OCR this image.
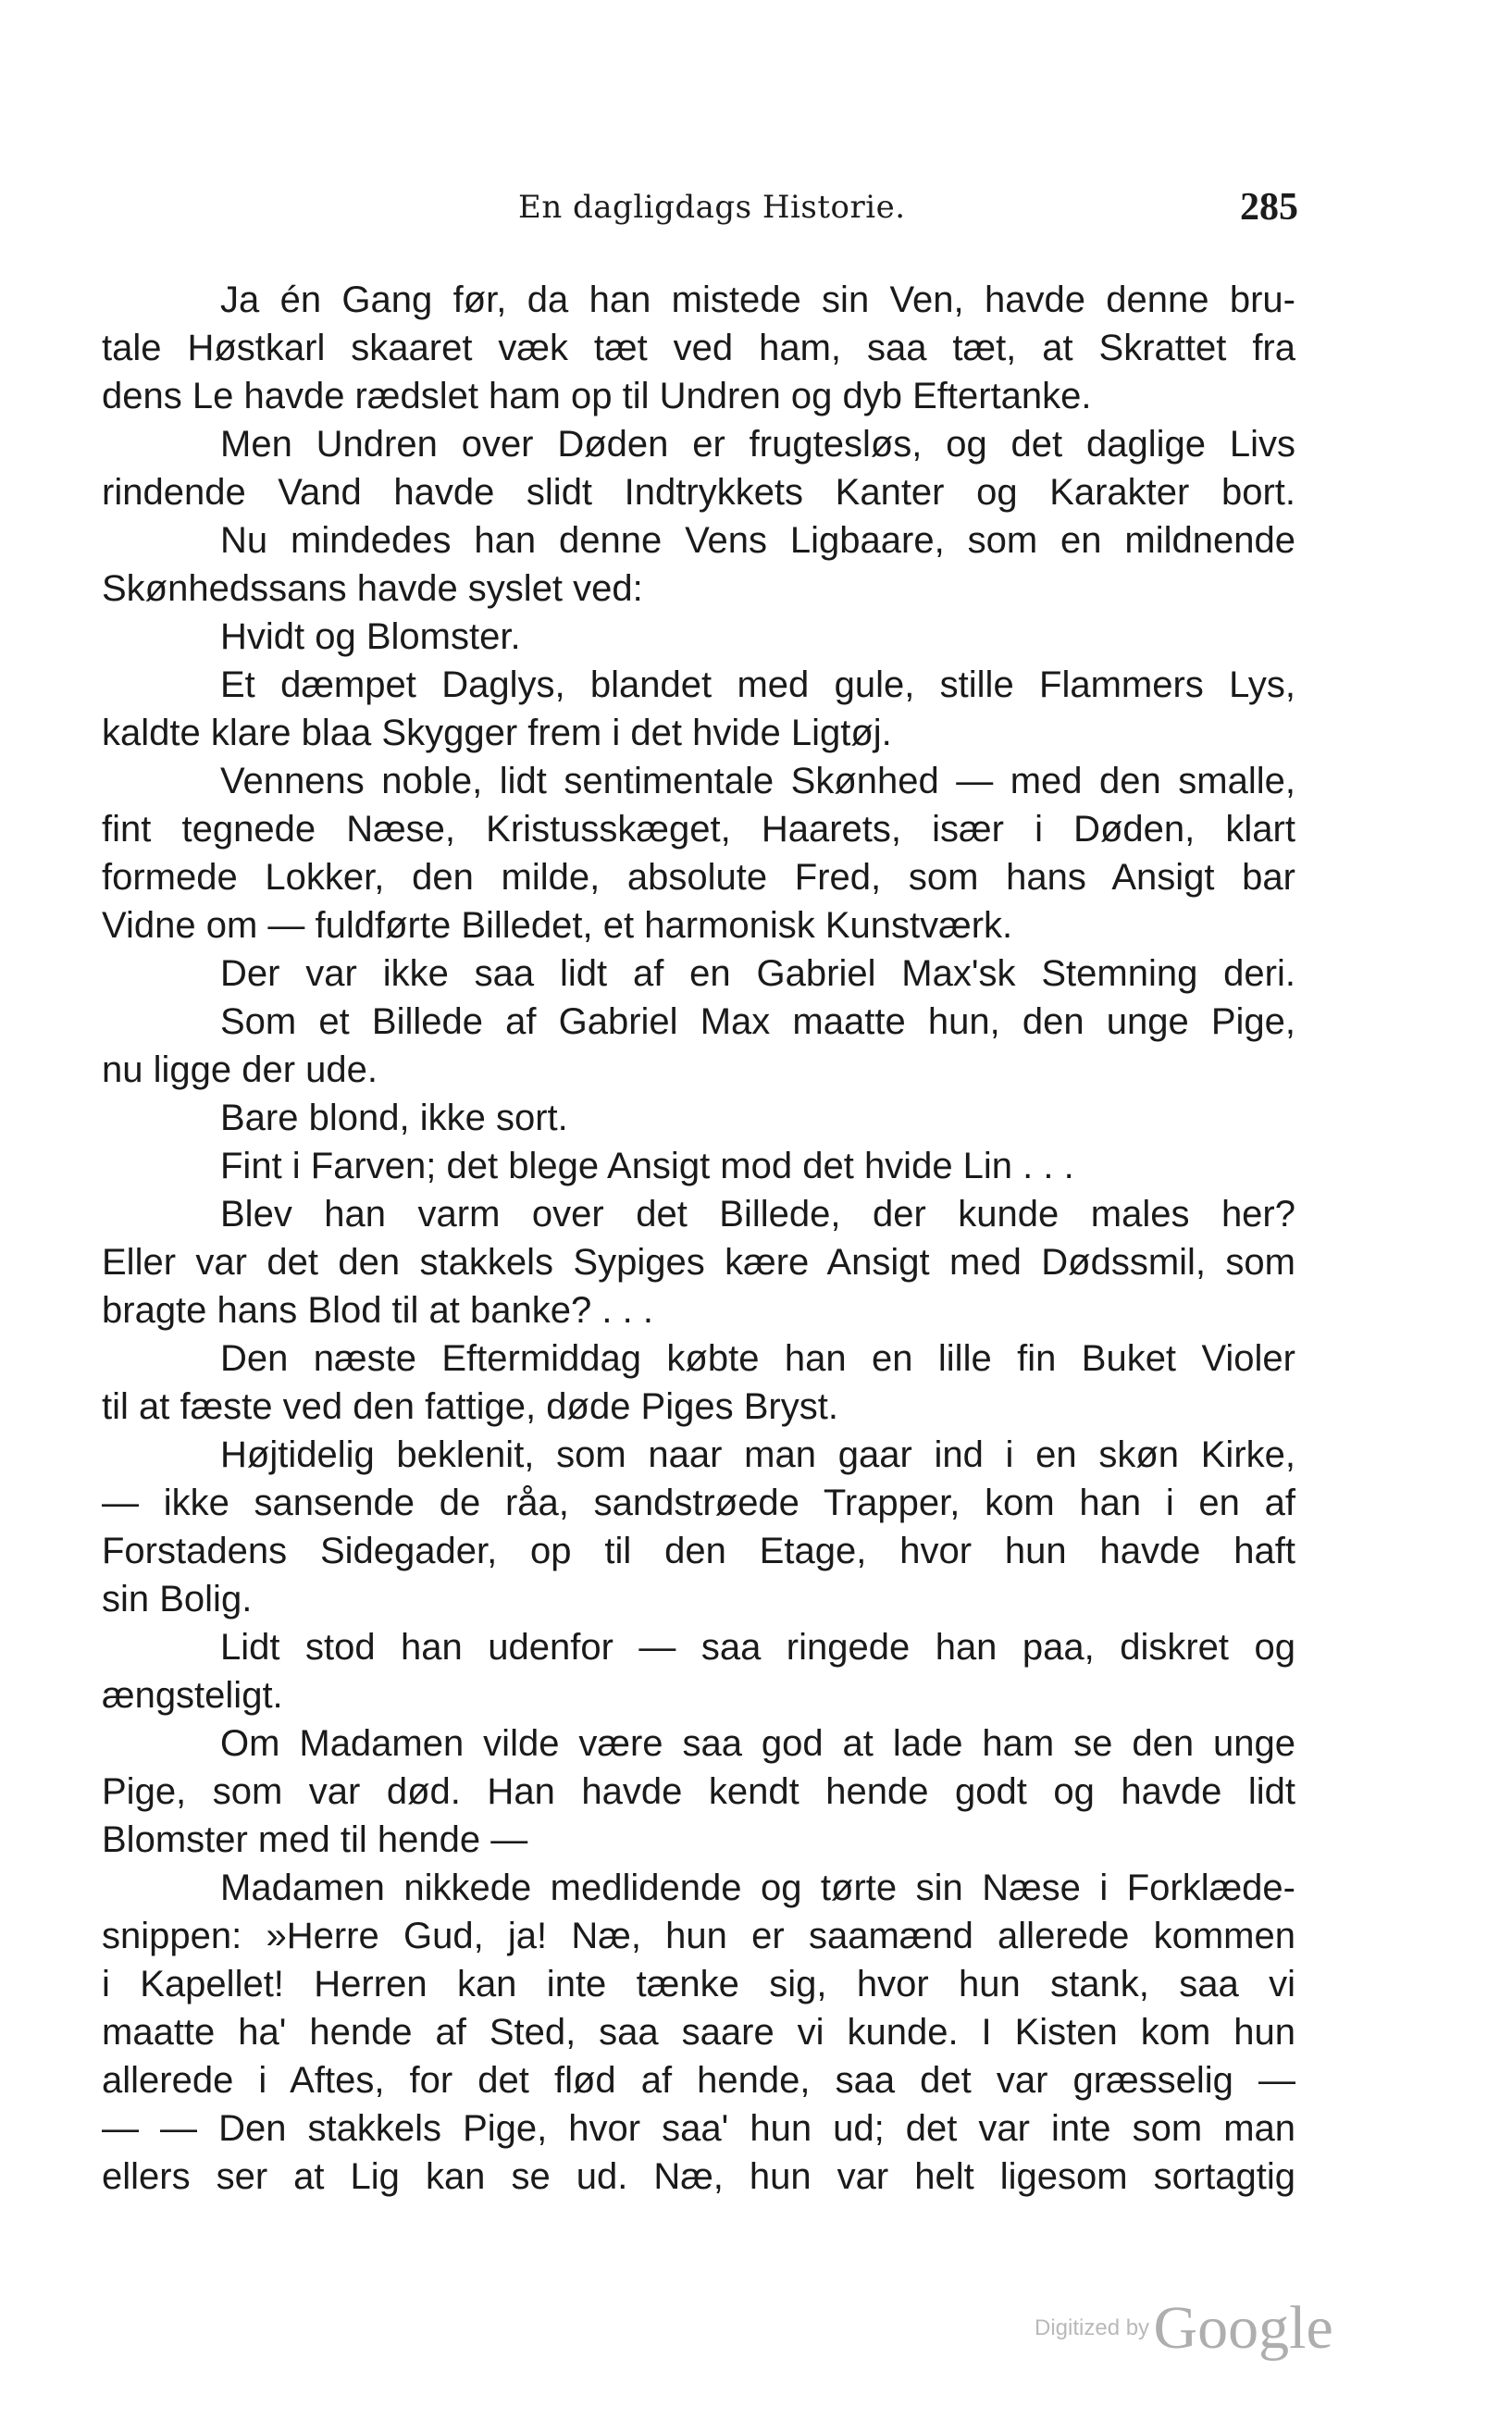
En dagligdags Historie.	285
Ja én Gang før, da han mistede sin Ven, havde denne bru-
tale Høstkarl skaaret væk tæt ved ham, saa tæt, at Skrattet fra
dens Le havde rædslet ham op til Undren og dyb Eftertanke.
Men Undren over Døden er frugtesløs, og det daglige Livs
rindende Vand havde slidt Indtrykkets Kanter og Karakter bort.
Nu mindedes han denne Vens Ligbaare, som en mildnende
Skønhedssans havde syslet ved:
Hvidt og Blomster.
Et dæmpet Daglys, blandet med gule, stille Flammers Lys,
kaldte klare blaa Skygger frem i det hvide Ligtøj.
Vennens noble, lidt sentimentale Skønhed — med den smalle,
fint tegnede Næse, Kristusskæget, Haarets, især i Døden, klart
formede Lokker, den milde, absolute Fred, som hans Ansigt bar
Vidne om — fuldførte Billedet, et harmonisk Kunstværk.
Der var ikke saa lidt af en Gabriel Max'sk Stemning deri.
Som et Billede af Gabriel Max maatte hun, den unge Pige,
nu ligge der ude.
Bare blond, ikke sort.
Fint i Farven; det blege Ansigt mod det hvide Lin . . .
Blev han varm over det Billede, der kunde males her?
Eller var det den stakkels Sypiges kære Ansigt med Dødssmil, som
bragte hans Blod til at banke? . . .
Den næste Eftermiddag købte han en lille fin Buket Violer
til at fæste ved den fattige, døde Piges Bryst.
Højtidelig beklenit, som naar man gaar ind i en skøn Kirke,
— ikke sansende de råa, sandstrøede Trapper, kom han i en af
Forstadens Sidegader, op til den Etage, hvor hun havde haft
sin Bolig.
Lidt stod han udenfor — saa ringede han paa, diskret og
ængsteligt.
Om Madamen vilde være saa god at lade ham se den unge
Pige, som var død. Han havde kendt hende godt og havde lidt
Blomster med til hende —
Madamen nikkede medlidende og tørte sin Næse i Forklæde-
snippen: »Herre Gud, ja! Næ, hun er saamænd allerede kommen
i Kapellet! Herren kan inte tænke sig, hvor hun stank, saa vi
maatte ha' hende af Sted, saa saare vi kunde. I Kisten kom hun
allerede i Aftes, for det flød af hende, saa det var græsselig —
— — Den stakkels Pige, hvor saa' hun ud; det var inte som man
ellers ser at Lig kan se ud. Næ, hun var helt ligesom sortagtig
Digitized by Google
